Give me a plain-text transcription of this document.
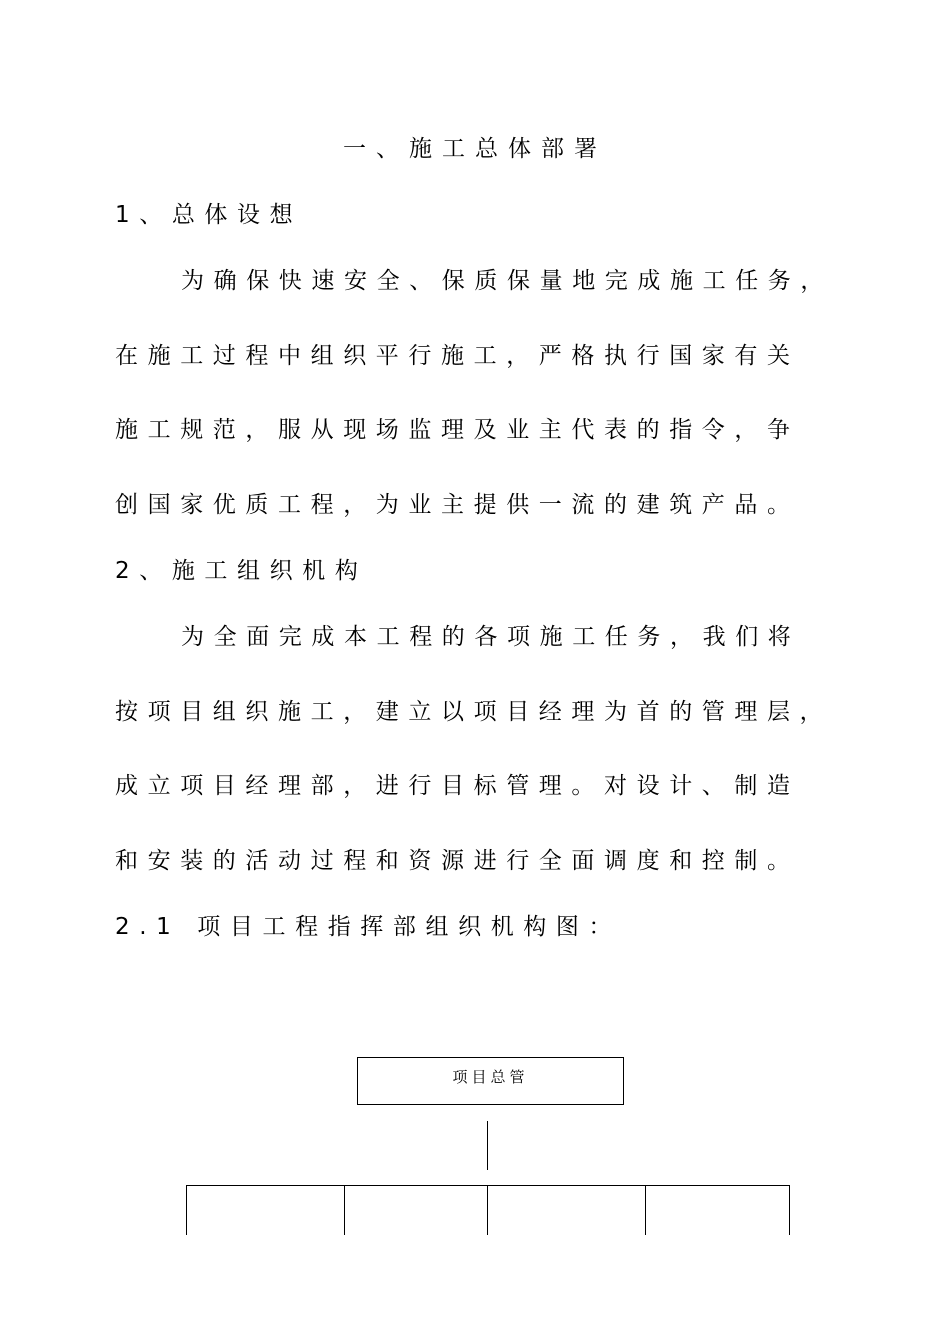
一、施工总体部署
1、总体设想
为确保快速安全、保质保量地完成施工任务，
在施工过程中组织平行施工，严格执行国家有关
施工规范，服从现场监理及业主代表的指令，争
创国家优质工程，为业主提供一流的建筑产品。
2、施工组织机构
为全面完成本工程的各项施工任务，我们将
按项目组织施工，建立以项目经理为首的管理层，
成立项目经理部，进行目标管理。对设计、制造
和安装的活动过程和资源进行全面调度和控制。
2.1 项目工程指挥部组织机构图：
项目总管
